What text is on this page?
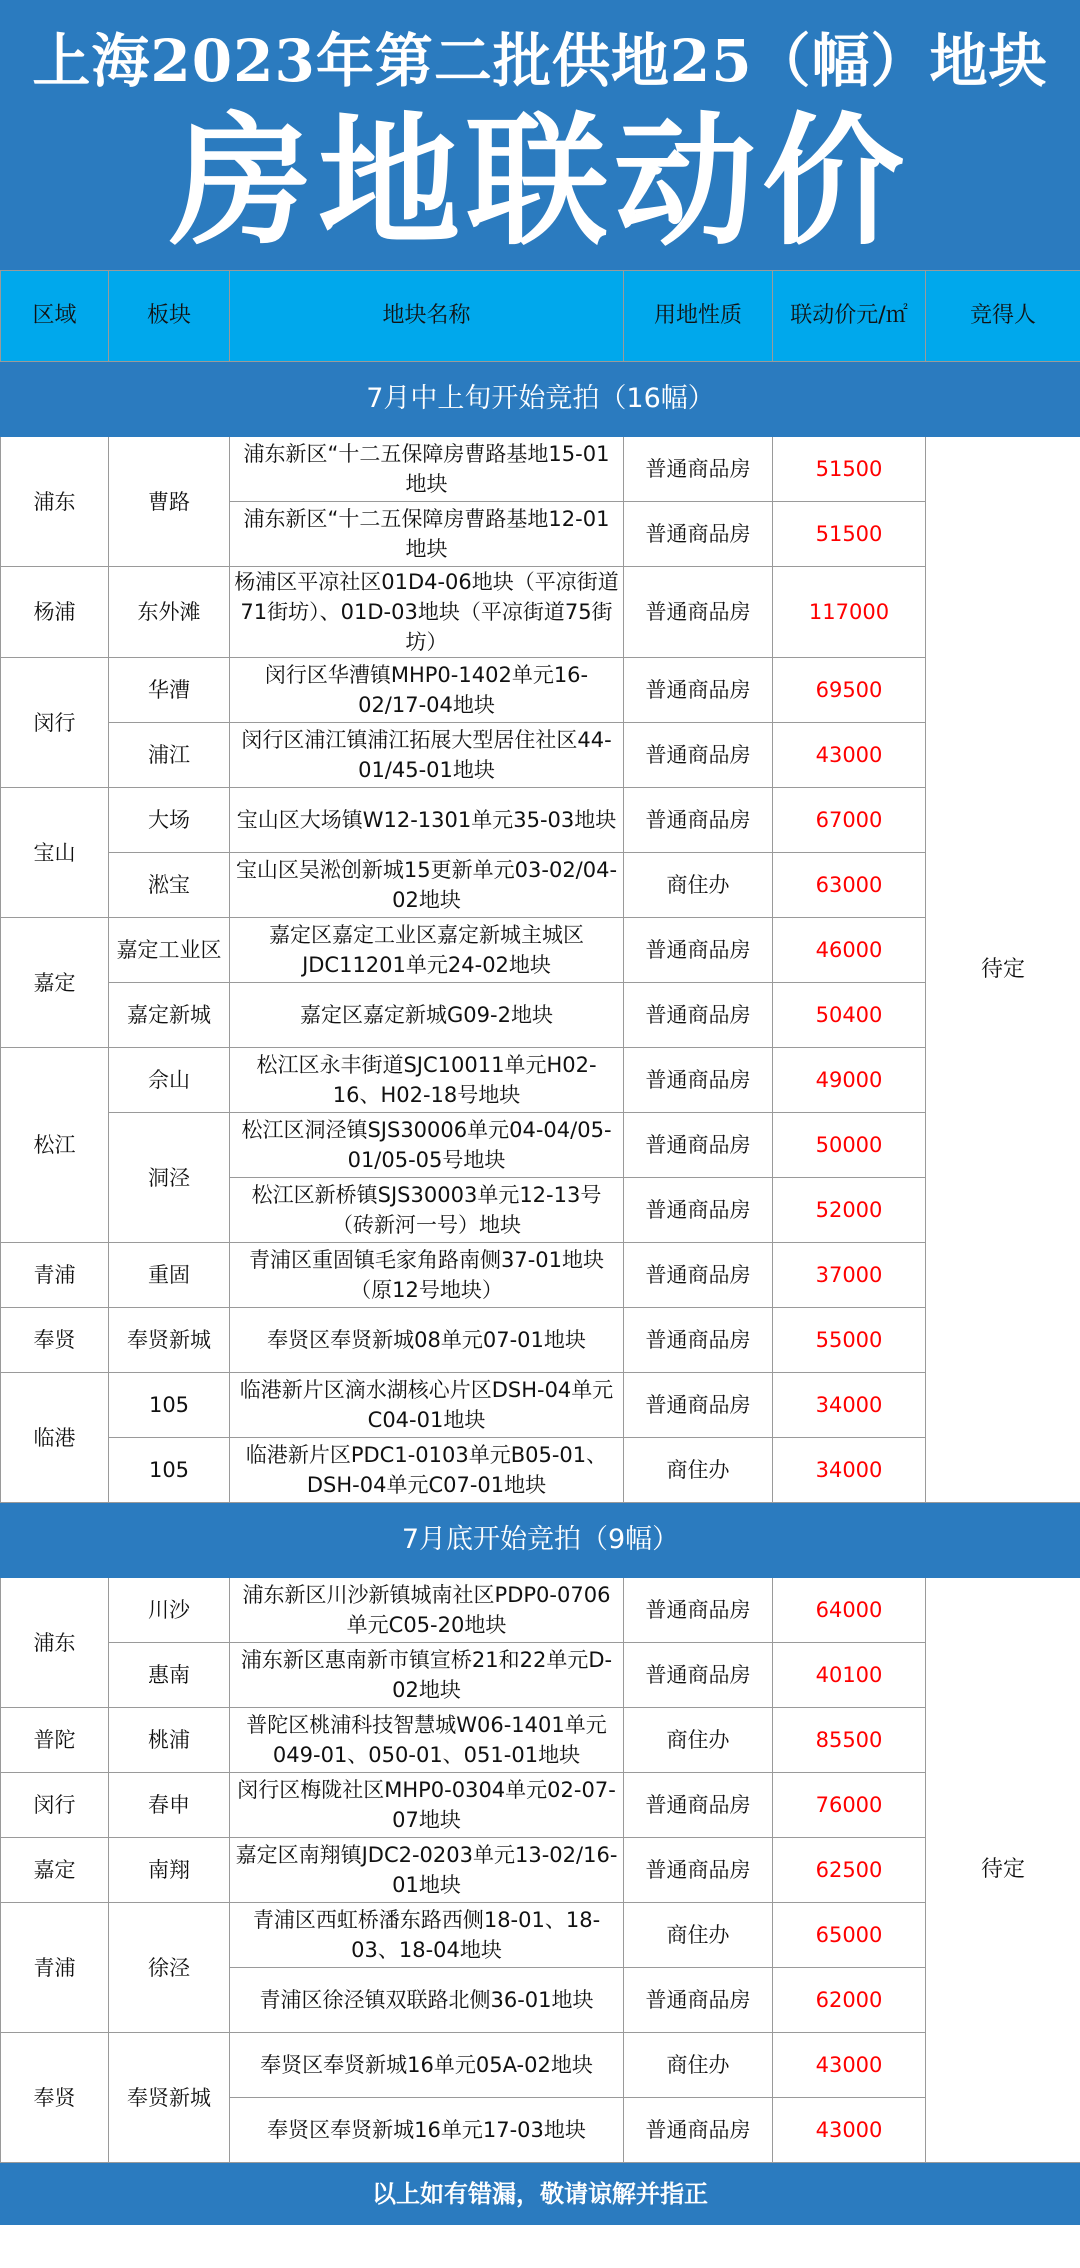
上海2023年第二批供地25（幅）地块
房地联动价
区域	板块	地块名称	用地性质	联动价元/㎡	竞得人
7月中上旬开始竞拍（16幅）					
浦东	曹路	浦东新区“十二五保障房曹路基地15-01地块	普通商品房	51500	待定
		浦东新区“十二五保障房曹路基地12-01地块	普通商品房	51500	
杨浦	东外滩	杨浦区平凉社区01D4-06地块（平凉街道71街坊）、01D-03地块（平凉街道75街坊）	普通商品房	117000	
闵行	华漕	闵行区华漕镇MHP0-1402单元16-02/17-04地块	普通商品房	69500	
	浦江	闵行区浦江镇浦江拓展大型居住社区44-01/45-01地块	普通商品房	43000	
宝山	大场	宝山区大场镇W12-1301单元35-03地块	普通商品房	67000	
	淞宝	宝山区吴淞创新城15更新单元03-02/04-02地块	商住办	63000	
嘉定	嘉定工业区	嘉定区嘉定工业区嘉定新城主城区JDC11201单元24-02地块	普通商品房	46000	
	嘉定新城	嘉定区嘉定新城G09-2地块	普通商品房	50400	
松江	佘山	松江区永丰街道SJC10011单元H02-16、H02-18号地块	普通商品房	49000	
	洞泾	松江区洞泾镇SJS30006单元04-04/05-01/05-05号地块	普通商品房	50000	
		松江区新桥镇SJS30003单元12-13号（砖新河一号）地块	普通商品房	52000	
青浦	重固	青浦区重固镇毛家角路南侧37-01地块（原12号地块）	普通商品房	37000	
奉贤	奉贤新城	奉贤区奉贤新城08单元07-01地块	普通商品房	55000	
临港	105	临港新片区滴水湖核心片区DSH-04单元C04-01地块	普通商品房	34000	
	105	临港新片区PDC1-0103单元B05-01、DSH-04单元C07-01地块	商住办	34000	
7月底开始竞拍（9幅）					
浦东	川沙	浦东新区川沙新镇城南社区PDP0-0706单元C05-20地块	普通商品房	64000	待定
	惠南	浦东新区惠南新市镇宣桥21和22单元D-02地块	普通商品房	40100	
普陀	桃浦	普陀区桃浦科技智慧城W06-1401单元049-01、050-01、051-01地块	商住办	85500	
闵行	春申	闵行区梅陇社区MHP0-0304单元02-07-07地块	普通商品房	76000	
嘉定	南翔	嘉定区南翔镇JDC2-0203单元13-02/16-01地块	普通商品房	62500	
青浦	徐泾	青浦区西虹桥潘东路西侧18-01、18-03、18-04地块	商住办	65000	
		青浦区徐泾镇双联路北侧36-01地块	普通商品房	62000	
奉贤	奉贤新城	奉贤区奉贤新城16单元05A-02地块	商住办	43000	
		奉贤区奉贤新城16单元17-03地块	普通商品房	43000	
以上如有错漏，敬请谅解并指正
